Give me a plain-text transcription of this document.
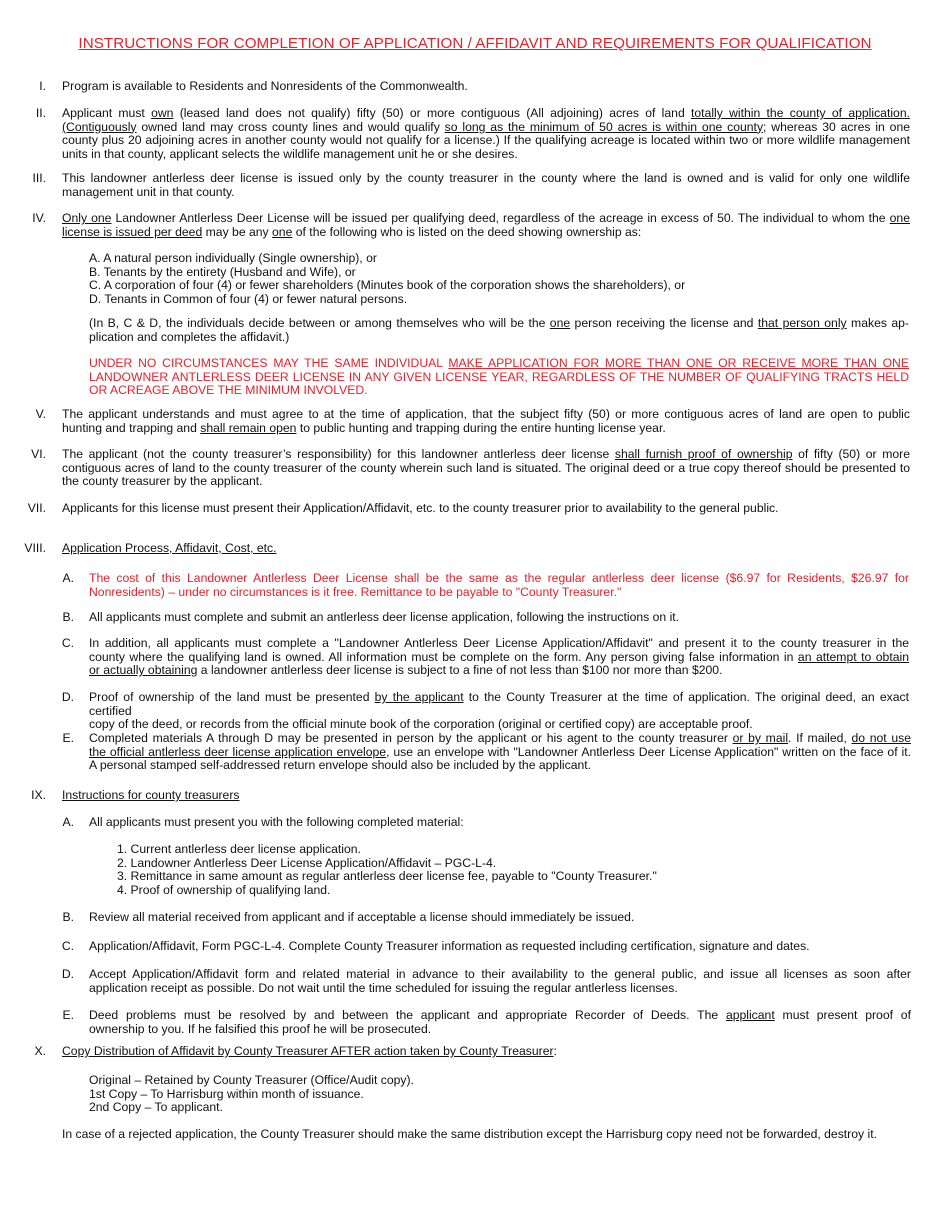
INSTRUCTIONS FOR COMPLETION OF APPLICATION / AFFIDAVIT AND REQUIREMENTS FOR QUALIFICATION
I. Program is available to Residents and Nonresidents of the Commonwealth.
II. Applicant must own (leased land does not qualify) fifty (50) or more contiguous (All adjoining) acres of land totally within the county of application.
(Contiguously owned land may cross county lines and would qualify so long as the minimum of 50 acres is within one county; whereas 30 acres in one
county plus 20 adjoining acres in another county would not qualify for a license.) If the qualifying acreage is located within two or more wildlife management
units in that county, applicant selects the wildlife management unit he or she desires.
III. This landowner antlerless deer license is issued only by the county treasurer in the county where the land is owned and is valid for only one wildlife
management unit in that county.
IV. Only one Landowner Antlerless Deer License will be issued per qualifying deed, regardless of the acreage in excess of 50. The individual to whom the one
license is issued per deed may be any one of the following who is listed on the deed showing ownership as:
A. A natural person individually (Single ownership), or
B. Tenants by the entirety (Husband and Wife), or
C. A corporation of four (4) or fewer shareholders (Minutes book of the corporation shows the shareholders), or
D. Tenants in Common of four (4) or fewer natural persons.
(In B, C & D, the individuals decide between or among themselves who will be the one person receiving the license and that person only makes ap-
plication and completes the affidavit.)
UNDER NO CIRCUMSTANCES MAY THE SAME INDIVIDUAL MAKE APPLICATION FOR MORE THAN ONE OR RECEIVE MORE THAN ONE
LANDOWNER ANTLERLESS DEER LICENSE IN ANY GIVEN LICENSE YEAR, REGARDLESS OF THE NUMBER OF QUALIFYING TRACTS HELD
OR ACREAGE ABOVE THE MINIMUM INVOLVED.
V. The applicant understands and must agree to at the time of application, that the subject fifty (50) or more contiguous acres of land are open to public
hunting and trapping and shall remain open to public hunting and trapping during the entire hunting license year.
VI. The applicant (not the county treasurer’s responsibility) for this landowner antlerless deer license shall furnish proof of ownership of fifty (50) or more
contiguous acres of land to the county treasurer of the county wherein such land is situated. The original deed or a true copy thereof should be presented to
the county treasurer by the applicant.
VII. Applicants for this license must present their Application/Affidavit, etc. to the county treasurer prior to availability to the general public.
VIII. Application Process, Affidavit, Cost, etc.
A. The cost of this Landowner Antlerless Deer License shall be the same as the regular antlerless deer license ($6.97 for Residents, $26.97 for
Nonresidents) – under no circumstances is it free. Remittance to be payable to "County Treasurer."
B. All applicants must complete and submit an antlerless deer license application, following the instructions on it.
C. In addition, all applicants must complete a "Landowner Antlerless Deer License Application/Affidavit" and present it to the county treasurer in the
county where the qualifying land is owned. All information must be complete on the form. Any person giving false information in an attempt to obtain
or actually obtaining a landowner antlerless deer license is subject to a fine of not less than $100 nor more than $200.
D. Proof of ownership of the land must be presented by the applicant to the County Treasurer at the time of application. The original deed, an exact certified
copy of the deed, or records from the official minute book of the corporation (original or certified copy) are acceptable proof.
E. Completed materials A through D may be presented in person by the applicant or his agent to the county treasurer or by mail. If mailed, do not use
the official antlerless deer license application envelope, use an envelope with "Landowner Antlerless Deer License Application" written on the face of it.
A personal stamped self-addressed return envelope should also be included by the applicant.
IX. Instructions for county treasurers
A. All applicants must present you with the following completed material:
1. Current antlerless deer license application.
2. Landowner Antlerless Deer License Application/Affidavit – PGC-L-4.
3. Remittance in same amount as regular antlerless deer license fee, payable to "County Treasurer."
4. Proof of ownership of qualifying land.
B. Review all material received from applicant and if acceptable a license should immediately be issued.
C. Application/Affidavit, Form PGC-L-4. Complete County Treasurer information as requested including certification, signature and dates.
D. Accept Application/Affidavit form and related material in advance to their availability to the general public, and issue all licenses as soon after
application receipt as possible. Do not wait until the time scheduled for issuing the regular antlerless licenses.
E. Deed problems must be resolved by and between the applicant and appropriate Recorder of Deeds. The applicant must present proof of
ownership to you. If he falsified this proof he will be prosecuted.
X. Copy Distribution of Affidavit by County Treasurer AFTER action taken by County Treasurer:
Original – Retained by County Treasurer (Office/Audit copy).
1st Copy – To Harrisburg within month of issuance.
2nd Copy – To applicant.
In case of a rejected application, the County Treasurer should make the same distribution except the Harrisburg copy need not be forwarded, destroy it.
